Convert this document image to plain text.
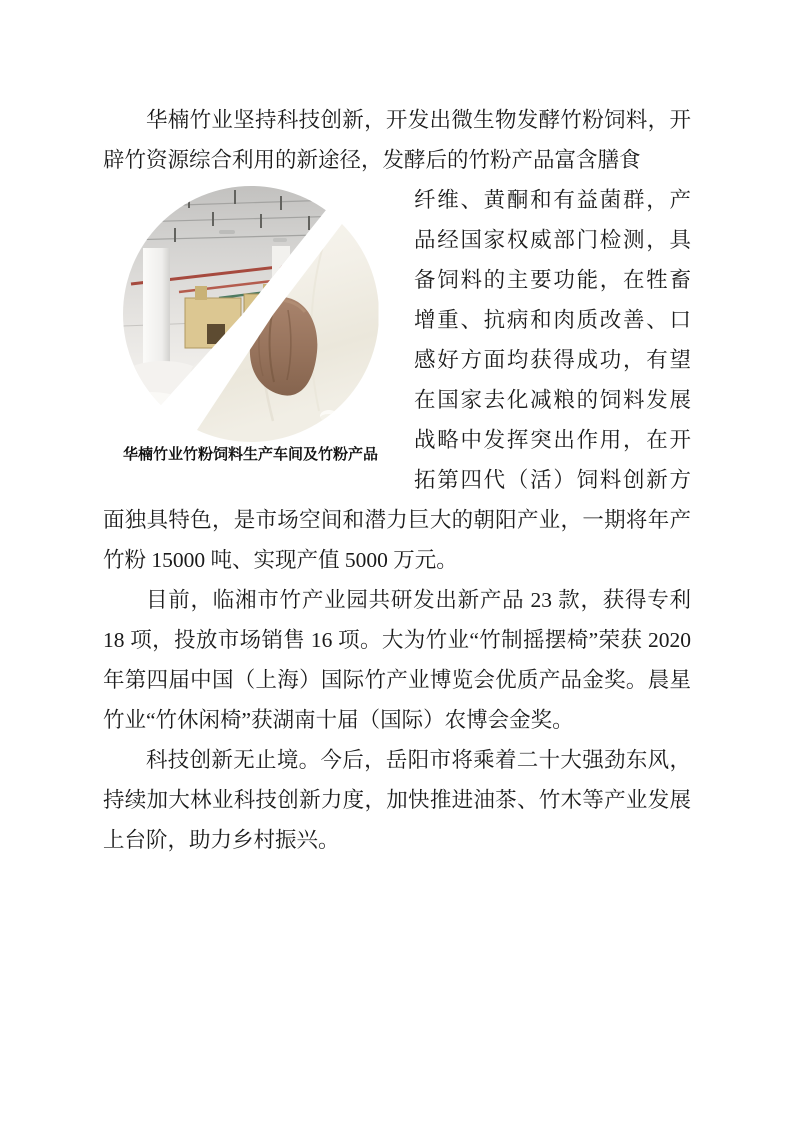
华楠竹业坚持科技创新，开发出微生物发酵竹粉饲料，开辟竹资源综合利用的新途径，发酵后的竹粉产品富含膳食

华楠竹业竹粉饲料生产车间及竹粉产品

纤维、黄酮和有益菌群，产品经国家权威部门检测，具备饲料的主要功能，在牲畜增重、抗病和肉质改善、口感好方面均获得成功，有望在国家去化减粮的饲料发展战略中发挥突出作用，在开拓第四代（活）饲料创新方面独具特色，是市场空间和潜力巨大的朝阳产业，一期将年产竹粉 15000 吨、实现产值 5000 万元。

目前，临湘市竹产业园共研发出新产品 23 款，获得专利 18 项，投放市场销售 16 项。大为竹业“竹制摇摆椅”荣获 2020 年第四届中国（上海）国际竹产业博览会优质产品金奖。晨星竹业“竹休闲椅”获湖南十届（国际）农博会金奖。

科技创新无止境。今后，岳阳市将乘着二十大强劲东风，持续加大林业科技创新力度，加快推进油茶、竹木等产业发展上台阶，助力乡村振兴。
